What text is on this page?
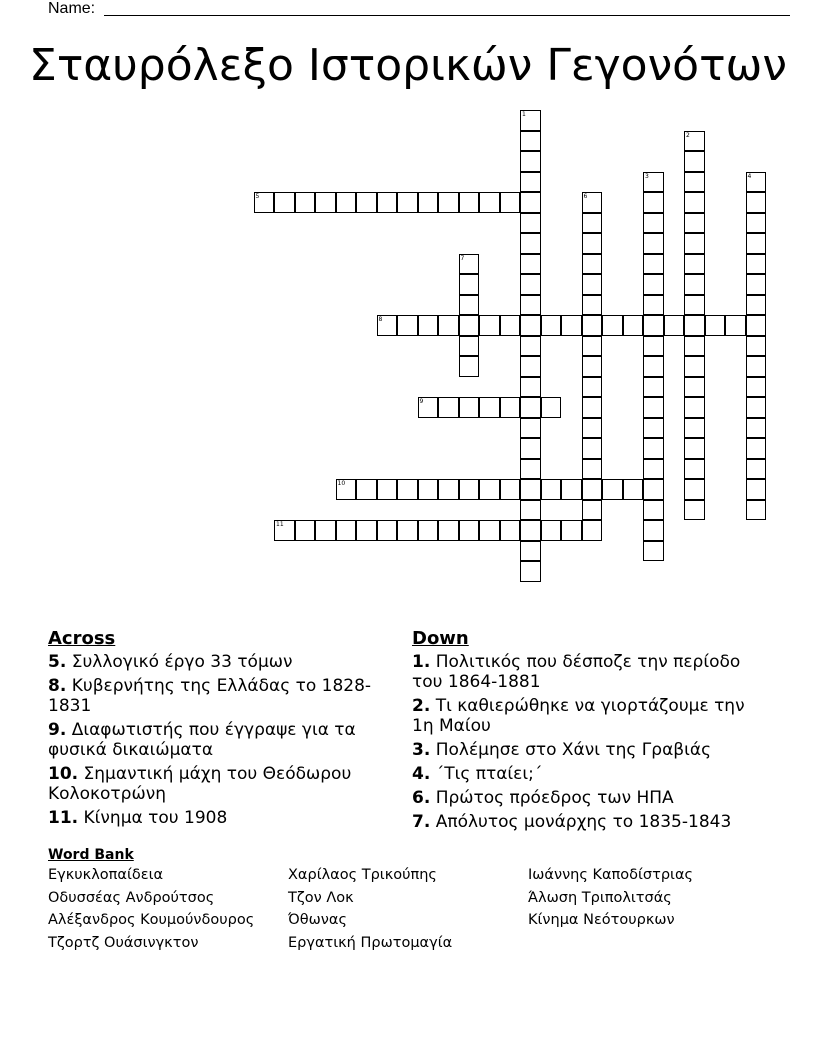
Name:
Σταυρόλεξο Ιστορικών Γεγονότων
1
2
3	4
5	6
7
8
9
10
11
Across
5. Συλλογικό έργο 33 τόμων
8. Κυβερνήτης της Ελλάδας το 1828-1831
9. Διαφωτιστής που έγγραψε για τα φυσικά δικαιώματα
10. Σημαντική μάχη του Θεόδωρου Κολοκοτρώνη
11. Κίνημα του 1908
Down
1. Πολιτικός που δέσποζε την περίοδο του 1864-1881
2. Τι καθιερώθηκε να γιορτάζουμε την 1η Μαίου
3. Πολέμησε στο Χάνι της Γραβιάς
4. ΄Τις πταίει;΄
6. Πρώτος πρόεδρος των ΗΠΑ
7. Απόλυτος μονάρχης το 1835-1843
Word Bank
Εγκυκλοπαίδεια
Οδυσσέας Ανδρούτσος
Αλέξανδρος Κουμούνδουρος
Τζορτζ Ουάσινγκτον
Χαρίλαος Τρικούπης
Τζον Λοκ
Όθωνας
Εργατική Πρωτομαγία
Ιωάννης Καποδίστριας
Άλωση Τριπολιτσάς
Κίνημα Νεότουρκων
